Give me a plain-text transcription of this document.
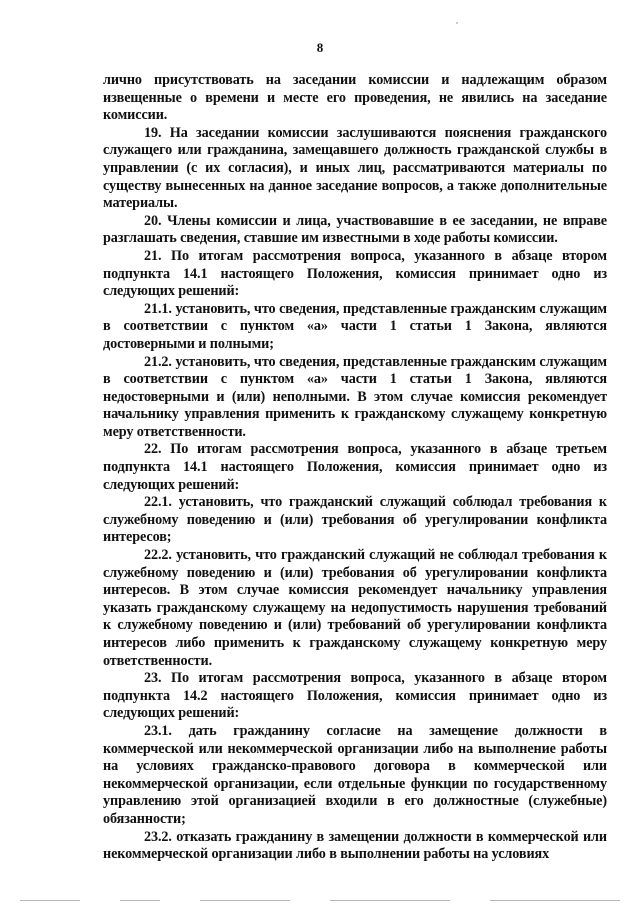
8

лично присутствовать на заседании комиссии и надлежащим образом извещенные о времени и месте его проведения, не явились на заседание комиссии.

19. На заседании комиссии заслушиваются пояснения гражданского служащего или гражданина, замещавшего должность гражданской службы в управлении (с их согласия), и иных лиц, рассматриваются материалы по существу вынесенных на данное заседание вопросов, а также дополнительные материалы.

20. Члены комиссии и лица, участвовавшие в ее заседании, не вправе разглашать сведения, ставшие им известными в ходе работы комиссии.

21. По итогам рассмотрения вопроса, указанного в абзаце втором подпункта 14.1 настоящего Положения, комиссия принимает одно из следующих решений:

21.1. установить, что сведения, представленные гражданским служащим в соответствии с пунктом «а» части 1 статьи 1 Закона, являются достоверными и полными;

21.2. установить, что сведения, представленные гражданским служащим в соответствии с пунктом «а» части 1 статьи 1 Закона, являются недостоверными и (или) неполными. В этом случае комиссия рекомендует начальнику управления применить к гражданскому служащему конкретную меру ответственности.

22. По итогам рассмотрения вопроса, указанного в абзаце третьем подпункта 14.1 настоящего Положения, комиссия принимает одно из следующих решений:

22.1. установить, что гражданский служащий соблюдал требования к служебному поведению и (или) требования об урегулировании конфликта интересов;

22.2. установить, что гражданский служащий не соблюдал требования к служебному поведению и (или) требования об урегулировании конфликта интересов. В этом случае комиссия рекомендует начальнику управления указать гражданскому служащему на недопустимость нарушения требований к служебному поведению и (или) требований об урегулировании конфликта интересов либо применить к гражданскому служащему конкретную меру ответственности.

23. По итогам рассмотрения вопроса, указанного в абзаце втором подпункта 14.2 настоящего Положения, комиссия принимает одно из следующих решений:

23.1. дать гражданину согласие на замещение должности в коммерческой или некоммерческой организации либо на выполнение работы на условиях гражданско-правового договора в коммерческой или некоммерческой организации, если отдельные функции по государственному управлению этой организацией входили в его должностные (служебные) обязанности;

23.2. отказать гражданину в замещении должности в коммерческой или некоммерческой организации либо в выполнении работы на условиях
